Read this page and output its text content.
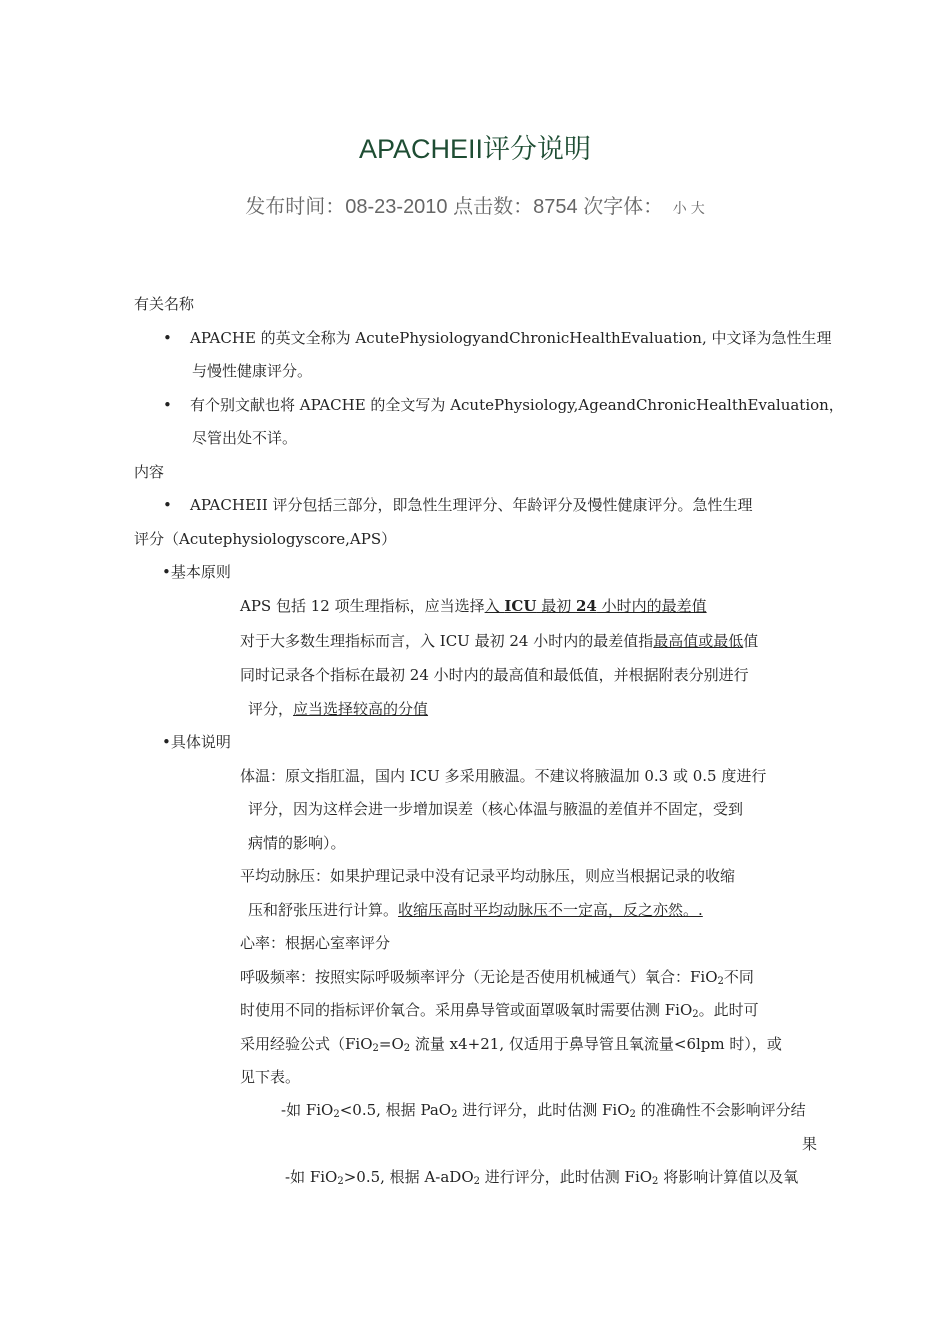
APACHEII评分说明
发布时间：08-23-2010 点击数：8754 次字体： 小 大
有关名称
• APACHE 的英文全称为 AcutePhysiologyandChronicHealthEvaluation, 中文译为急性生理
与慢性健康评分。
• 有个别文献也将 APACHE 的全文写为 AcutePhysiology,AgeandChronicHealthEvaluation，
尽管出处不详。
内容
• APACHEII 评分包括三部分，即急性生理评分、年龄评分及慢性健康评分。急性生理
评分（Acutephysiologyscore,APS）
•基本原则
APS 包括 12 项生理指标，应当选择入 ICU 最初 24 小时内的最差值
对于大多数生理指标而言，入 ICU 最初 24 小时内的最差值指最高值或最低值
同时记录各个指标在最初 24 小时内的最高值和最低值，并根据附表分别进行
评分，应当选择较高的分值
•具体说明
体温：原文指肛温，国内 ICU 多采用腋温。不建议将腋温加 0.3 或 0.5 度进行
评分，因为这样会进一步增加误差（核心体温与腋温的差值并不固定，受到
病情的影响）。
平均动脉压：如果护理记录中没有记录平均动脉压，则应当根据记录的收缩
压和舒张压进行计算。收缩压高时平均动脉压不一定高，反之亦然。.
心率：根据心室率评分
呼吸频率：按照实际呼吸频率评分（无论是否使用机械通气）氧合：FiO$_2$不同
时使用不同的指标评价氧合。采用鼻导管或面罩吸氧时需要估测 FiO$_2$。此时可
采用经验公式（$FiO_2=O_2$ 流量 x4+21, 仅适用于鼻导管且氧流量<6lpm 时），或
见下表。
-如 FiO$_2$<0.5, 根据 PaO$_2$ 进行评分，此时估测 FiO$_2$ 的准确性不会影响评分结
果
-如 FiO$_2$>0.5, 根据 A-aDO$_2$ 进行评分，此时估测 FiO$_2$ 将影响计算值以及氧
